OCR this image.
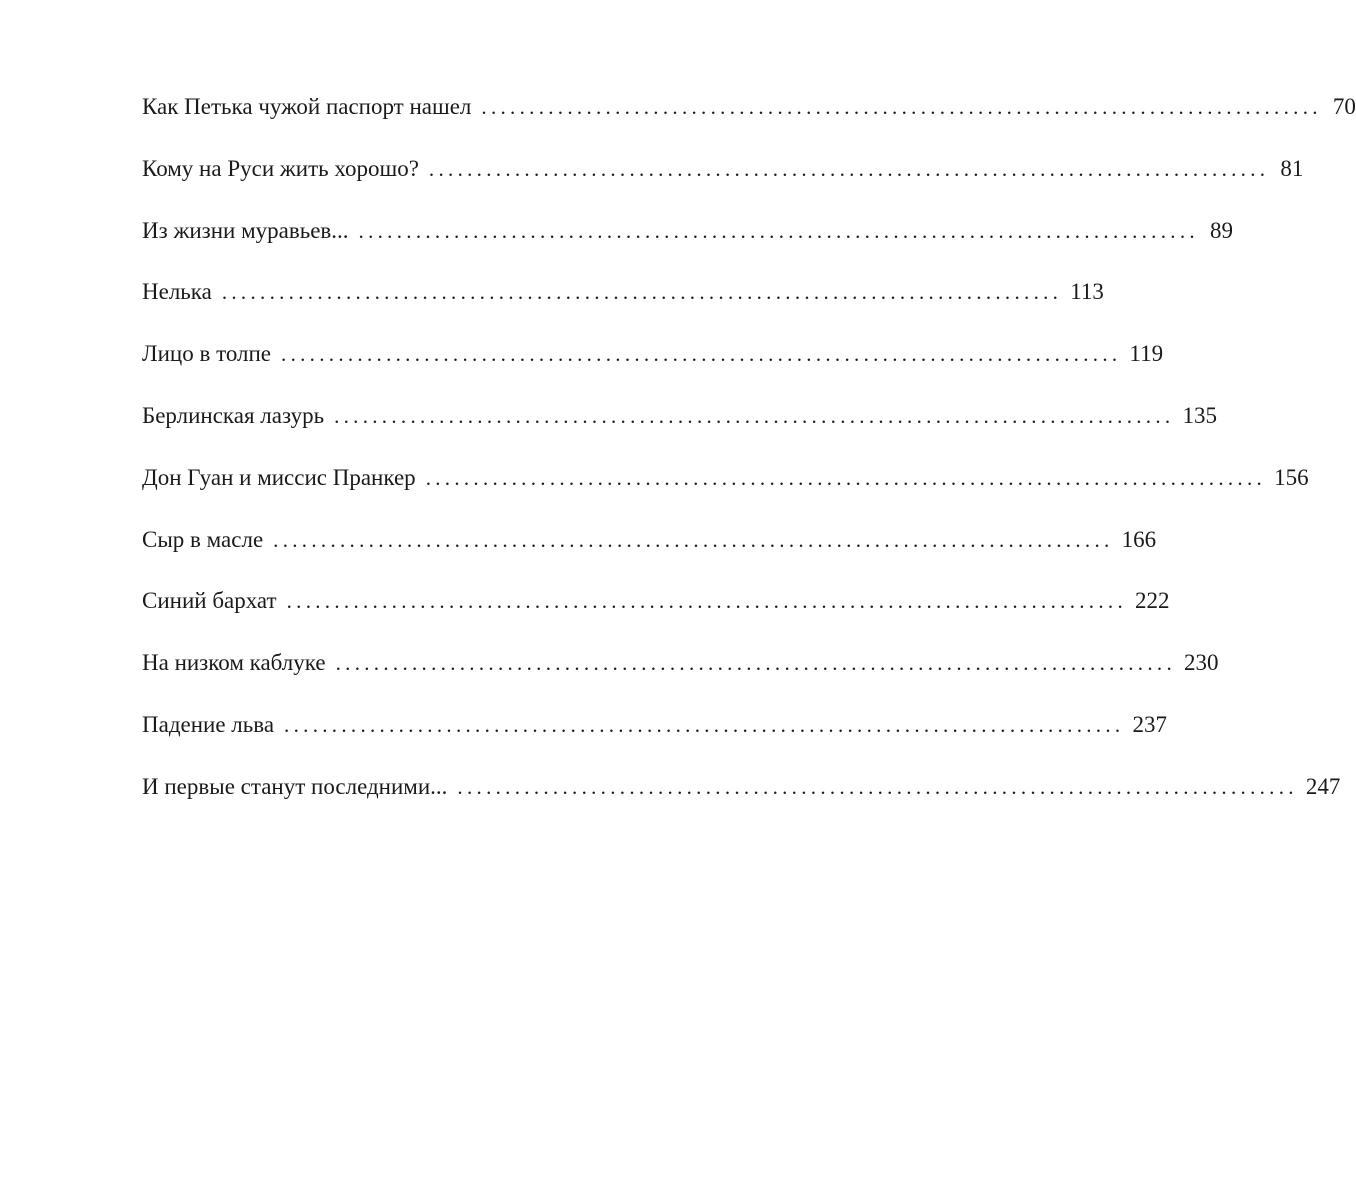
Как Петька чужой паспорт нашел ........................................................................................ 70
Кому на Руси жить хорошо? ........................................................................................ 81
Из жизни муравьев... ........................................................................................ 89
Нелька ........................................................................................ 113
Лицо в толпе ........................................................................................ 119
Берлинская лазурь ........................................................................................ 135
Дон Гуан и миссис Пранкер ........................................................................................ 156
Сыр в масле ........................................................................................ 166
Синий бархат ........................................................................................ 222
На низком каблуке ........................................................................................ 230
Падение льва ........................................................................................ 237
И первые станут последними... ........................................................................................ 247
